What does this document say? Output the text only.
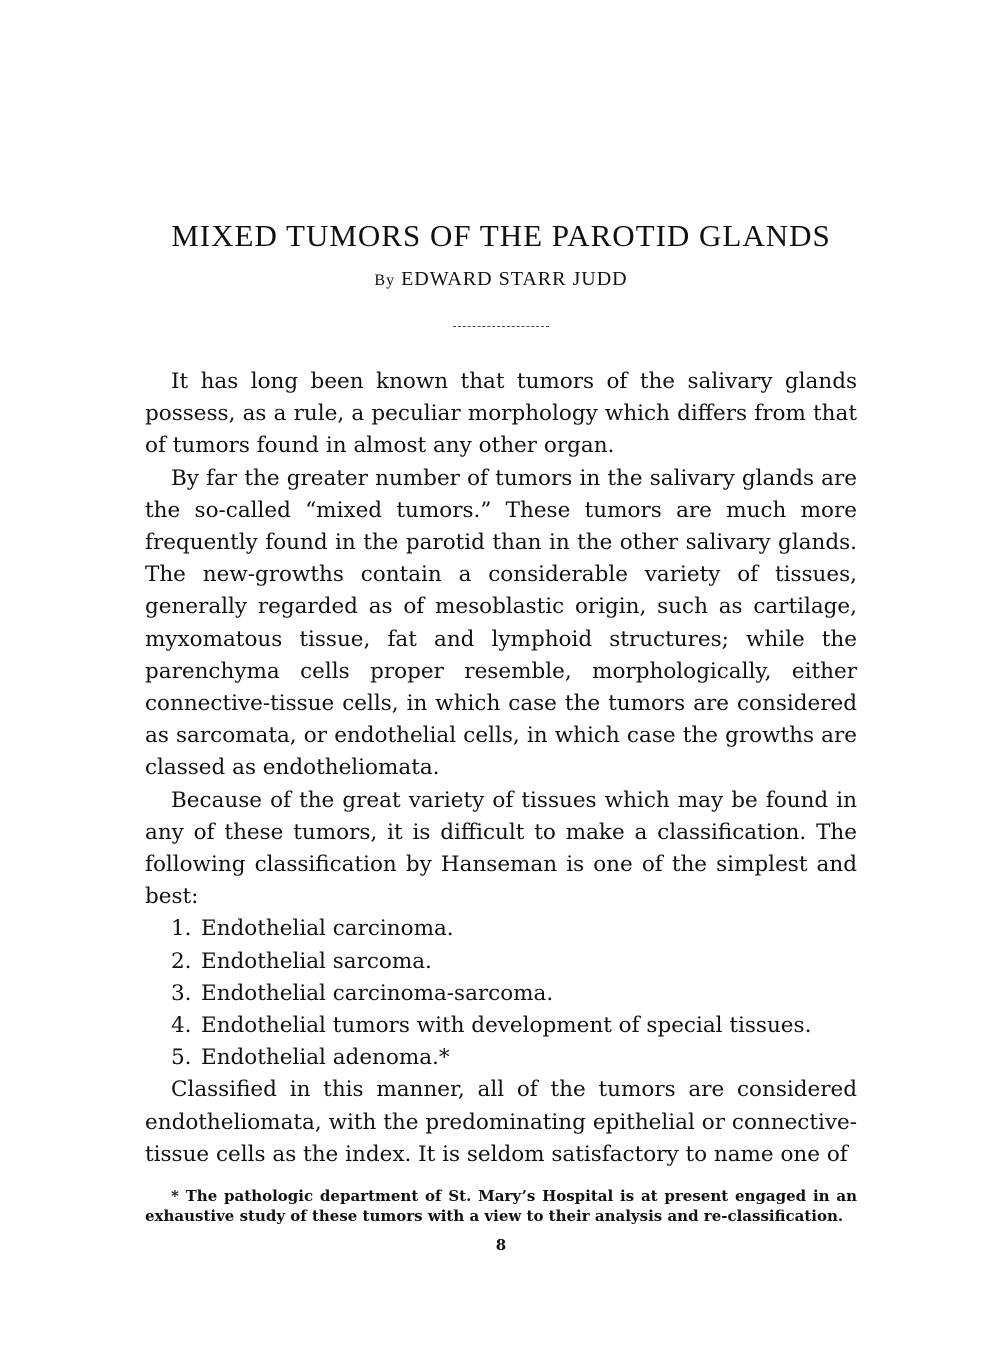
MIXED TUMORS OF THE PAROTID GLANDS
By EDWARD STARR JUDD

It has long been known that tumors of the salivary glands possess, as a rule, a peculiar morphology which differs from that of tumors found in almost any other organ.

By far the greater number of tumors in the salivary glands are the so-called “mixed tumors.” These tumors are much more frequently found in the parotid than in the other salivary glands. The new-growths contain a considerable variety of tissues, generally regarded as of mesoblastic origin, such as cartilage, myxomatous tissue, fat and lymphoid structures; while the parenchyma cells proper resemble, morphologically, either connective-tissue cells, in which case the tumors are considered as sarcomata, or endothelial cells, in which case the growths are classed as endotheliomata.

Because of the great variety of tissues which may be found in any of these tumors, it is difficult to make a classification. The following classification by Hanseman is one of the simplest and best:

1. Endothelial carcinoma.
2. Endothelial sarcoma.
3. Endothelial carcinoma-sarcoma.
4. Endothelial tumors with development of special tissues.
5. Endothelial adenoma.*

Classified in this manner, all of the tumors are considered endotheliomata, with the predominating epithelial or connective-tissue cells as the index. It is seldom satisfactory to name one of

* The pathologic department of St. Mary’s Hospital is at present engaged in an exhaustive study of these tumors with a view to their analysis and re-classification.
8
